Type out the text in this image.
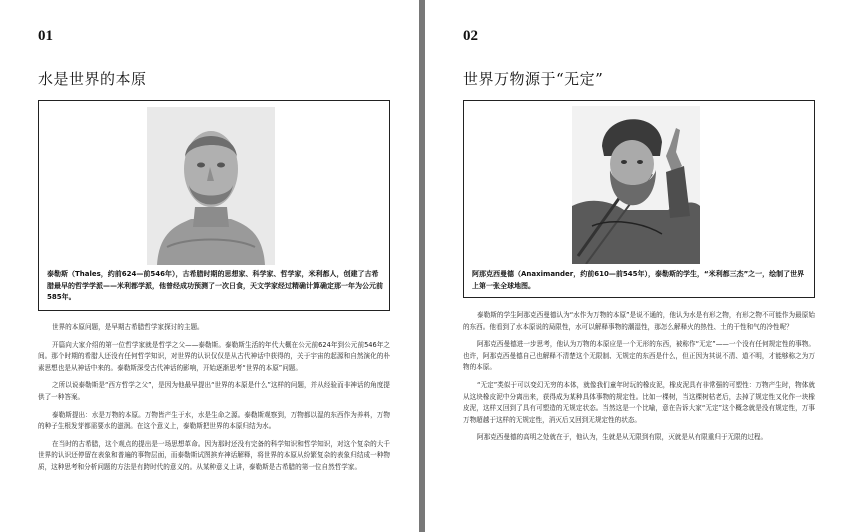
01
水是世界的本原
泰勒斯（Thales，约前624—前546年），古希腊时期的思想家、科学家、哲学家，米利都人，创建了古希腊最早的哲学学派——米利都学派，他曾经成功预测了一次日食，天文学家经过精确计算确定那一年为公元前585年。

世界的本原问题，是早期古希腊哲学家探讨的主题。

开篇向大家介绍的第一位哲学家就是哲学之父——泰勒斯。泰勒斯生活的年代大概在公元前624年到公元前546年之间。那个时期的希腊人还没有任何哲学知识，对世界的认识仅仅是从古代神话中获得的，关于宇宙的起源和自然演化的朴素思想也是从神话中来的。泰勒斯深受古代神话的影响，开始逐渐思考“世界的本原”问题。

之所以说泰勒斯是“西方哲学之父”，是因为他最早提出“世界的本原是什么”这样的问题，并从经验而非神话的角度提供了一种答案。

泰勒斯提出：水是万物的本原。万物皆产生于水，水是生命之源。泰勒斯观察到，万物都以湿的东西作为养料，万物的种子生根发芽都需要水的滋润。在这个意义上，泰勒斯把世界的本原归结为水。

在当时的古希腊，这个观点的提出是一场思想革命。因为那时还没有完备的科学知识和哲学知识，对这个复杂的大千世界的认识还停留在表象和普遍的事物层面，而泰勒斯试图摈弃神话解释，将世界的本原从纷繁复杂的表象归结成一种物质，这种思考和分析问题的方法是有跨时代的意义的。从某种意义上讲，泰勒斯是古希腊的第一位自然哲学家。

02
世界万物源于“无定”
阿那克西曼德（Anaximander，约前610—前545年），泰勒斯的学生，“米利都三杰”之一，绘制了世界上第一张全球地图。

泰勒斯的学生阿那克西曼德认为“水作为万物的本原”是说不通的，他认为水是有形之物，有形之物不可能作为最原始的东西。他看到了水本原说的局限性，水可以解释事物的潮湿性，那怎么解释火的热性、土的干性和气的冷性呢？

阿那克西曼德进一步思考，他认为万物的本原应是一个无形的东西，被称作“无定”——一个没有任何规定性的事物。也许，阿那克西曼德自己也解释不清楚这个无限制、无规定的东西是什么，但正因为其说不清、道不明，才能够称之为万物的本原。

“无定”类似于可以变幻无穷的本体，就像我们童年时玩的橡皮泥，橡皮泥具有非常强的可塑性：万物产生时，物体就从这块橡皮泥中分离出来，获得成为某种具体事物的规定性。比如一棵树，当这棵树枯老后，去掉了规定性又化作一块橡皮泥，这样又回到了具有可塑造的无规定状态。当然这是一个比喻，意在告诉大家“无定”这个概念就是没有规定性，万事万物超越于这样的无规定性，消灭后又回到无规定性的状态。

阿那克西曼德的高明之处就在于，他认为，生就是从无限到有限，灭就是从有限重归于无限的过程。
